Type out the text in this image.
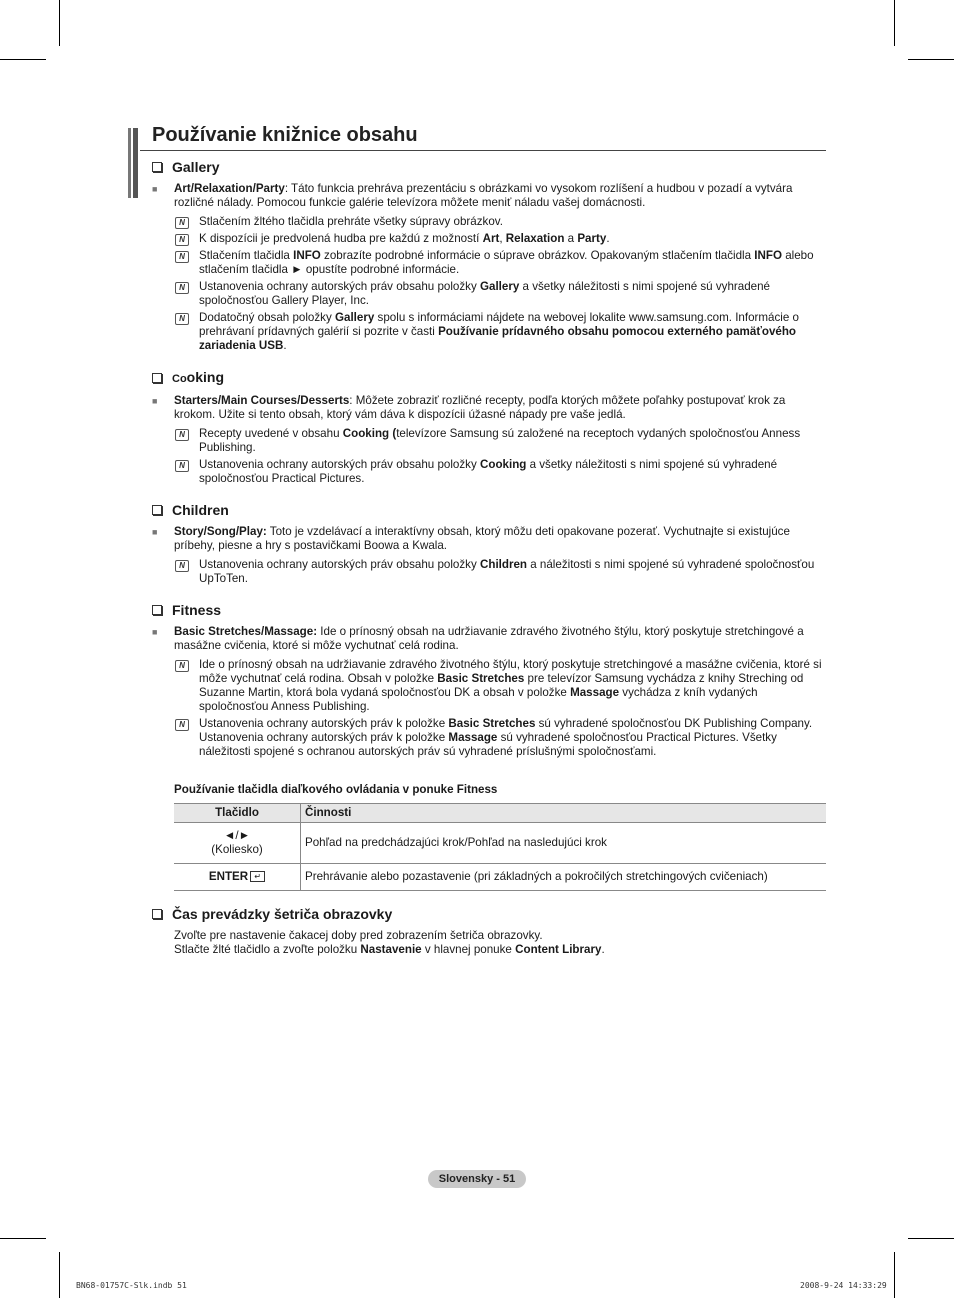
Používanie knižnice obsahu
Gallery
■	Art/Relaxation/Party: Táto funkcia prehráva prezentáciu s obrázkami vo vysokom rozlíšení a hudbou v pozadí a vytvára rozličné nálady. Pomocou funkcie galérie televízora môžete meniť náladu vašej domácnosti.
N	Stlačením žltého tlačidla prehráte všetky súpravy obrázkov.
N	K dispozícii je predvolená hudba pre každú z možností Art, Relaxation a Party.
N	Stlačením tlačidla INFO zobrazíte podrobné informácie o súprave obrázkov. Opakovaným stlačením tlačidla INFO alebo stlačením tlačidla ► opustíte podrobné informácie.
N	Ustanovenia ochrany autorských práv obsahu položky Gallery a všetky náležitosti s nimi spojené sú vyhradené spoločnosťou Gallery Player, Inc.
N	Dodatočný obsah položky Gallery spolu s informáciami nájdete na webovej lokalite www.samsung.com. Informácie o prehrávaní prídavných galérií si pozrite v časti Používanie prídavného obsahu pomocou externého pamäťového zariadenia USB.
Cooking
■	Starters/Main Courses/Desserts: Môžete zobraziť rozličné recepty, podľa ktorých môžete poľahky postupovať krok za krokom. Užite si tento obsah, ktorý vám dáva k dispozícii úžasné nápady pre vaše jedlá.
N	Recepty uvedené v obsahu Cooking (televízore Samsung sú založené na receptoch vydaných spoločnosťou Anness Publishing.
N	Ustanovenia ochrany autorských práv obsahu položky Cooking a všetky náležitosti s nimi spojené sú vyhradené spoločnosťou Practical Pictures.
Children
■	Story/Song/Play: Toto je vzdelávací a interaktívny obsah, ktorý môžu deti opakovane pozerať. Vychutnajte si existujúce príbehy, piesne a hry s postavičkami Boowa a Kwala.
N	Ustanovenia ochrany autorských práv obsahu položky Children a náležitosti s nimi spojené sú vyhradené spoločnosťou UpToTen.
Fitness
■	Basic Stretches/Massage: Ide o prínosný obsah na udržiavanie zdravého životného štýlu, ktorý poskytuje stretchingové a masážne cvičenia, ktoré si môže vychutnať celá rodina.
N	Ide o prínosný obsah na udržiavanie zdravého životného štýlu, ktorý poskytuje stretchingové a masážne cvičenia, ktoré si môže vychutnať celá rodina. Obsah v položke Basic Stretches pre televízor Samsung vychádza z knihy Streching od Suzanne Martin, ktorá bola vydaná spoločnosťou DK a obsah v položke Massage vychádza z kníh vydaných spoločnosťou Anness Publishing.
N	Ustanovenia ochrany autorských práv k položke Basic Stretches sú vyhradené spoločnosťou DK Publishing Company. Ustanovenia ochrany autorských práv k položke Massage sú vyhradené spoločnosťou Practical Pictures. Všetky náležitosti spojené s ochranou autorských práv sú vyhradené príslušnými spoločnosťami.
Používanie tlačidla diaľkového ovládania v ponuke Fitness
Tlačidlo	Činnosti

◄/►
(Koliesko)	Pohľad na predchádzajúci krok/Pohľad na nasledujúci krok
ENTER ↵	Prehrávanie alebo pozastavenie (pri základných a pokročilých stretchingových cvičeniach)
Čas prevádzky šetriča obrazovky
Zvoľte pre nastavenie čakacej doby pred zobrazením šetriča obrazovky.
Stlačte žlté tlačidlo a zvoľte položku Nastavenie v hlavnej ponuke Content Library.
Slovensky - 51
BN68-01757C-Slk.indb 51	2008-9-24 14:33:29
